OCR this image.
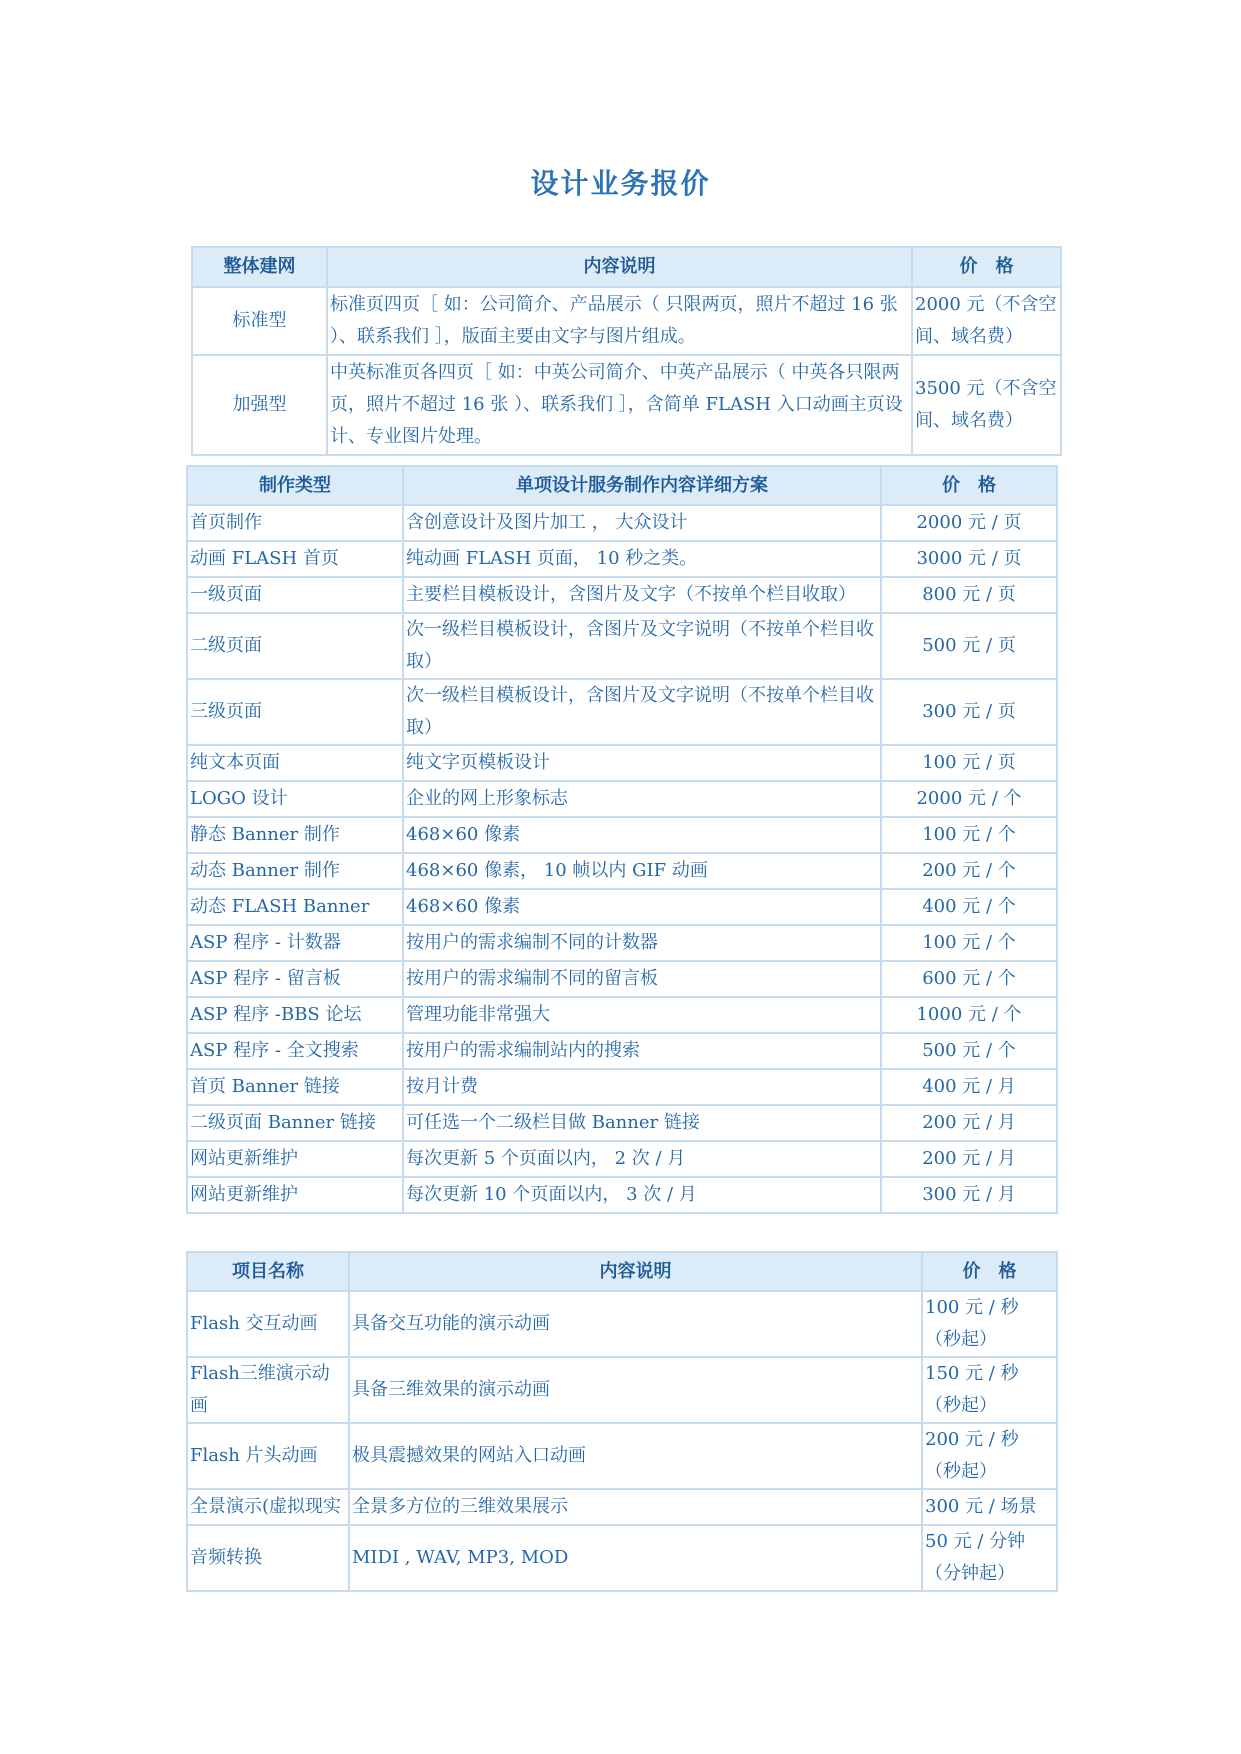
设计业务报价
整体建网	内容说明	价　格
标准型	标准页四页［ 如：公司简介、产品展示（ 只限两页，照片不超过 16 张 ）、联系我们 ］，版面主要由文字与图片组成。	2000 元（不含空间、域名费）
加强型	中英标准页各四页［ 如：中英公司简介、中英产品展示（ 中英各只限两页，照片不超过 16 张 ）、联系我们 ］，含简单 FLASH 入口动画主页设计、专业图片处理。	3500 元（不含空间、域名费）
制作类型	单项设计服务制作内容详细方案	价　格
首页制作	含创意设计及图片加工 ， 大众设计	2000 元 / 页
动画 FLASH 首页	纯动画 FLASH 页面， 10 秒之类。	3000 元 / 页
一级页面	主要栏目模板设计，含图片及文字（不按单个栏目收取）	800 元 / 页
二级页面	次一级栏目模板设计，含图片及文字说明（不按单个栏目收取）	500 元 / 页
三级页面	次一级栏目模板设计，含图片及文字说明（不按单个栏目收取）	300 元 / 页
纯文本页面	纯文字页模板设计	100 元 / 页
LOGO 设计	企业的网上形象标志	2000 元 / 个
静态 Banner 制作	468×60 像素	100 元 / 个
动态 Banner 制作	468×60 像素， 10 帧以内 GIF 动画	200 元 / 个
动态 FLASH Banner	468×60 像素	400 元 / 个
ASP 程序 - 计数器	按用户的需求编制不同的计数器	100 元 / 个
ASP 程序 - 留言板	按用户的需求编制不同的留言板	600 元 / 个
ASP 程序 -BBS 论坛	管理功能非常强大	1000 元 / 个
ASP 程序 - 全文搜索	按用户的需求编制站内的搜索	500 元 / 个
首页 Banner 链接	按月计费	400 元 / 月
二级页面 Banner 链接	可任选一个二级栏目做 Banner 链接	200 元 / 月
网站更新维护	每次更新 5 个页面以内， 2 次 / 月	200 元 / 月
网站更新维护	每次更新 10 个页面以内， 3 次 / 月	300 元 / 月
项目名称	内容说明	价　格
Flash 交互动画	具备交互功能的演示动画	100 元 / 秒（秒起）
Flash三维演示动画	具备三维效果的演示动画	150 元 / 秒（秒起）
Flash 片头动画	极具震撼效果的网站入口动画	200 元 / 秒（秒起）
全景演示(虚拟现实	全景多方位的三维效果展示	300 元 / 场景
音频转换	MIDI , WAV, MP3, MOD	50 元 / 分钟（分钟起）
